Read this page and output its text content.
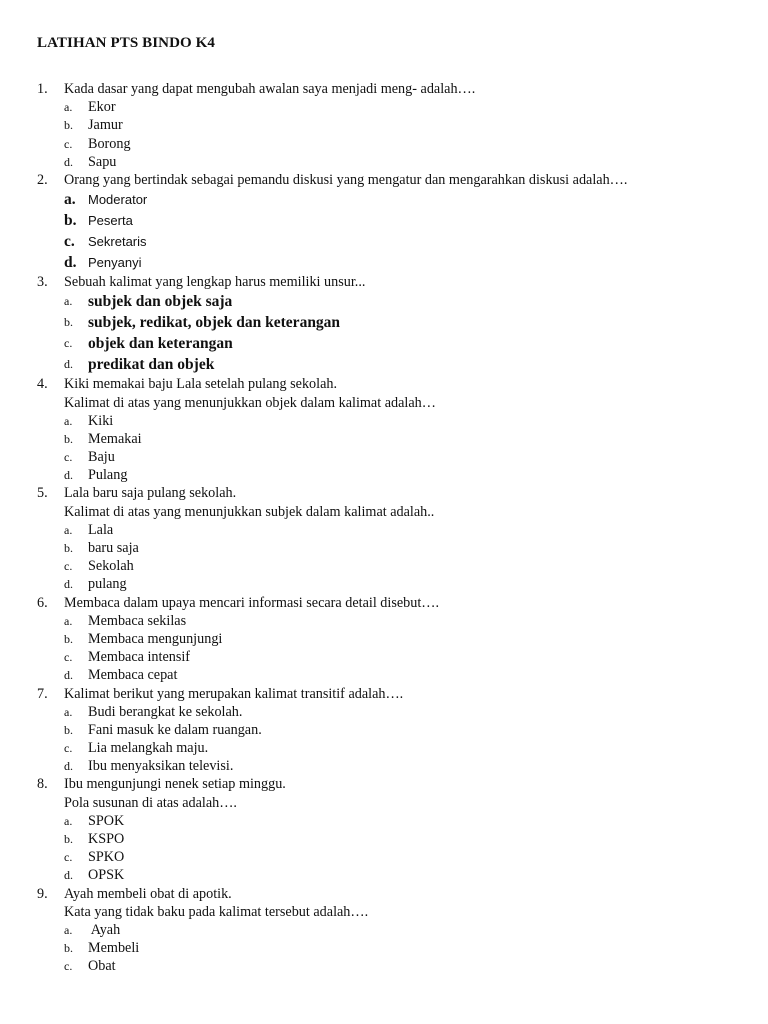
LATIHAN PTS BINDO K4
1. Kada dasar yang dapat mengubah awalan saya menjadi meng- adalah….
a. Ekor
b. Jamur
c. Borong
d. Sapu
2. Orang yang bertindak sebagai pemandu diskusi yang mengatur dan mengarahkan diskusi adalah….
a. Moderator
b. Peserta
c. Sekretaris
d. Penyanyi
3. Sebuah kalimat yang lengkap harus memiliki unsur...
a. subjek dan objek saja
b. subjek, redikat, objek dan keterangan
c. objek dan keterangan
d. predikat dan objek
4. Kiki memakai baju Lala setelah pulang sekolah.
Kalimat di atas yang menunjukkan objek dalam kalimat adalah…
a. Kiki
b. Memakai
c. Baju
d. Pulang
5. Lala baru saja pulang sekolah.
Kalimat di atas yang menunjukkan subjek dalam kalimat adalah..
a. Lala
b. baru saja
c. Sekolah
d. pulang
6. Membaca dalam upaya mencari informasi secara detail disebut….
a. Membaca sekilas
b. Membaca mengunjungi
c. Membaca intensif
d. Membaca cepat
7. Kalimat berikut yang merupakan kalimat transitif adalah….
a. Budi berangkat ke sekolah.
b. Fani masuk ke dalam ruangan.
c. Lia melangkah maju.
d. Ibu menyaksikan televisi.
8. Ibu mengunjungi nenek setiap minggu.
Pola susunan di atas adalah….
a. SPOK
b. KSPO
c. SPKO
d. OPSK
9. Ayah membeli obat di apotik.
Kata yang tidak baku pada kalimat tersebut adalah….
a. Ayah
b. Membeli
c. Obat
